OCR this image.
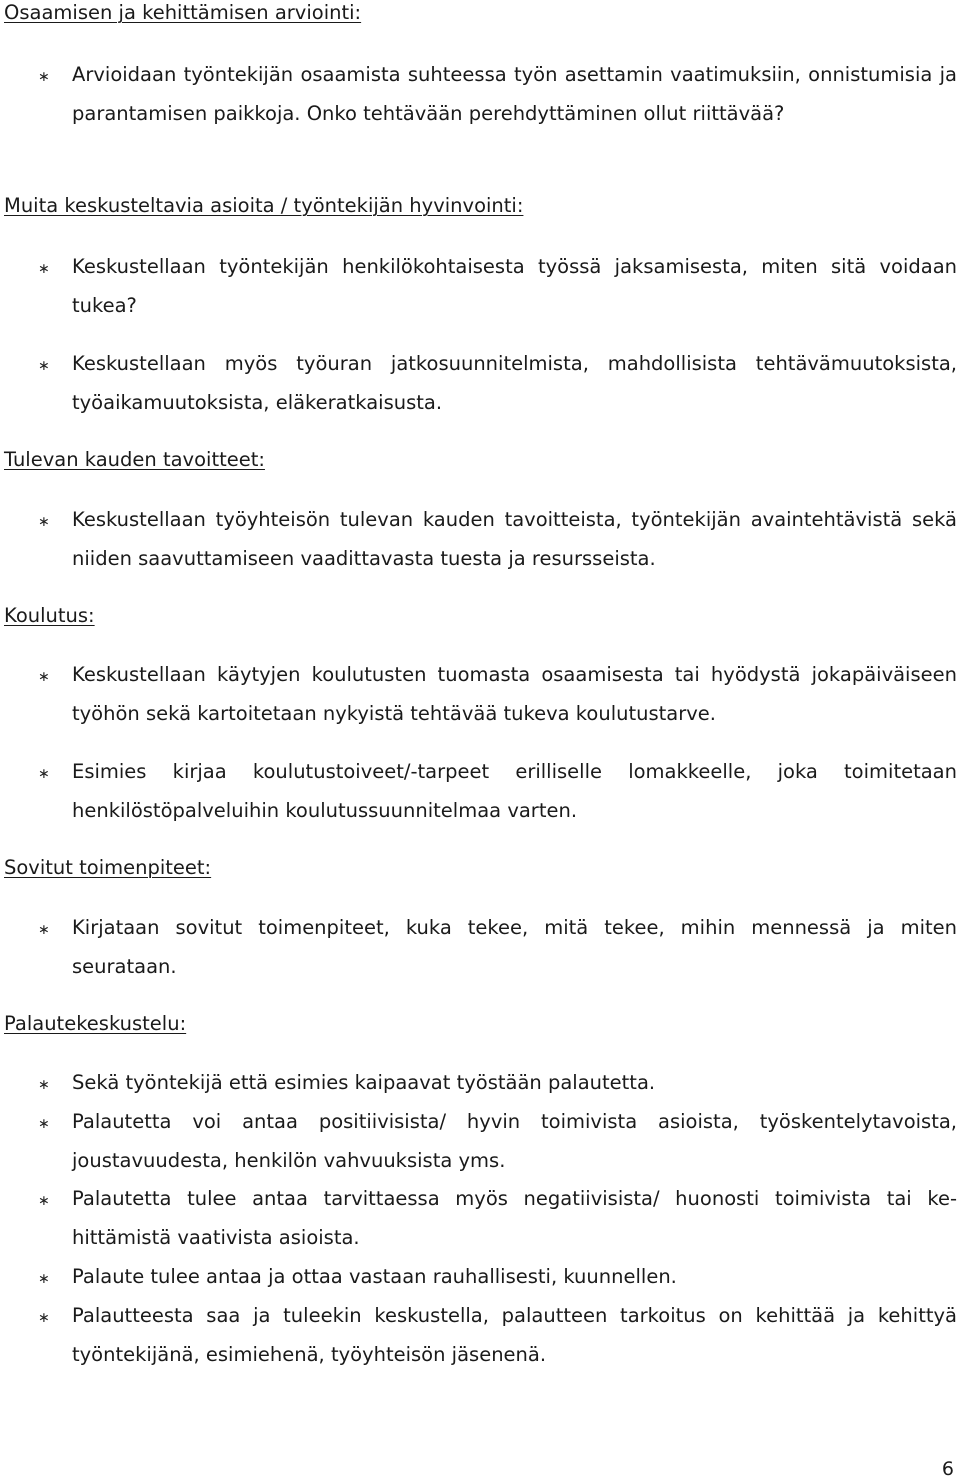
Osaamisen ja kehittämisen arviointi:
∗ Arvioidaan työntekijän osaamista suhteessa työn asettamin vaatimuksiin, onnistumisia ja parantamisen paikkoja. Onko tehtävään perehdyttäminen ollut riittävää?

Muita keskusteltavia asioita / työntekijän hyvinvointi:
∗ Keskustellaan työntekijän henkilökohtaisesta työssä jaksamisesta, miten sitä voidaan tukea?

∗ Keskustellaan myös työuran jatkosuunnitelmista, mahdollisista tehtävämuutoksista, työaikamuutoksista, eläkeratkaisusta.

Tulevan kauden tavoitteet:
∗ Keskustellaan työyhteisön tulevan kauden tavoitteista, työntekijän avaintehtävistä sekä niiden saavuttamiseen vaadittavasta tuesta ja resursseista.

Koulutus:
∗ Keskustellaan käytyjen koulutusten tuomasta osaamisesta tai hyödystä jokapäiväiseen työhön sekä kartoitetaan nykyistä tehtävää tukeva koulutustarve.

∗ Esimies kirjaa koulutustoiveet/-tarpeet erilliselle lomakkeelle, joka toimitetaan henkilöstöpalveluihin koulutussuunnitelmaa varten.

Sovitut toimenpiteet:
∗ Kirjataan sovitut toimenpiteet, kuka tekee, mitä tekee, mihin mennessä ja miten seurataan.

Palautekeskustelu:
∗ Sekä työntekijä että esimies kaipaavat työstään palautetta.

∗ Palautetta voi antaa positiivisista/ hyvin toimivista asioista, työskentelytavoista, joustavuudesta, henkilön vahvuuksista yms.

∗ Palautetta tulee antaa tarvittaessa myös negatiivisista/ huonosti toimivista tai kehittämistä vaativista asioista.

∗ Palaute tulee antaa ja ottaa vastaan rauhallisesti, kuunnellen.

∗ Palautteesta saa ja tuleekin keskustella, palautteen tarkoitus on kehittää ja kehittyä työntekijänä, esimiehenä, työyhteisön jäsenenä.

6
